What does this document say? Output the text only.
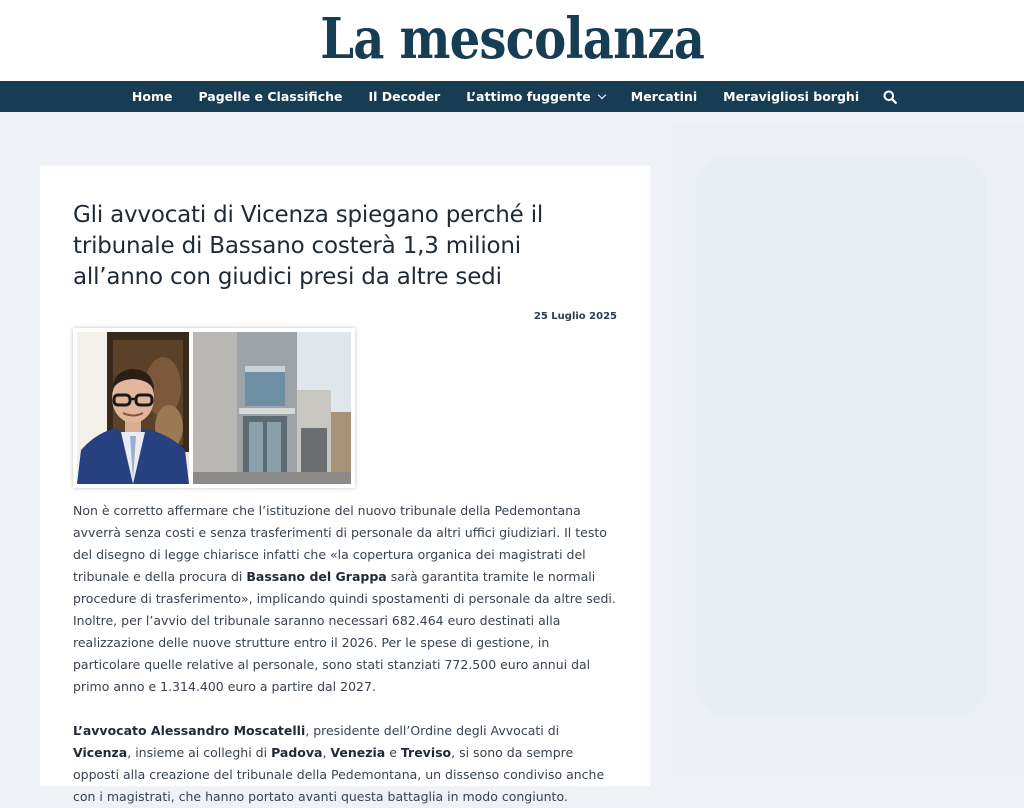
La mescolanza
Home Pagelle e Classifiche Il Decoder L’attimo fuggente	Mercatini Meravigliosi borghi
Gli avvocati di Vicenza spiegano perché il tribunale di Bassano costerà 1,3 milioni all’anno con giudici presi da altre sedi
25 Luglio 2025

Non è corretto affermare che l’istituzione del nuovo tribunale della Pedemontana avverrà senza costi e senza trasferimenti di personale da altri uffici giudiziari. Il testo del disegno di legge chiarisce infatti che «la copertura organica dei magistrati del tribunale e della procura di Bassano del Grappa sarà garantita tramite le normali procedure di trasferimento», implicando quindi spostamenti di personale da altre sedi. Inoltre, per l’avvio del tribunale saranno necessari 682.464 euro destinati alla realizzazione delle nuove strutture entro il 2026. Per le spese di gestione, in particolare quelle relative al personale, sono stati stanziati 772.500 euro annui dal primo anno e 1.314.400 euro a partire dal 2027.

L’avvocato Alessandro Moscatelli, presidente dell’Ordine degli Avvocati di Vicenza, insieme ai colleghi di Padova, Venezia e Treviso, si sono da sempre opposti alla creazione del tribunale della Pedemontana, un dissenso condiviso anche con i magistrati, che hanno portato avanti questa battaglia in modo congiunto.
